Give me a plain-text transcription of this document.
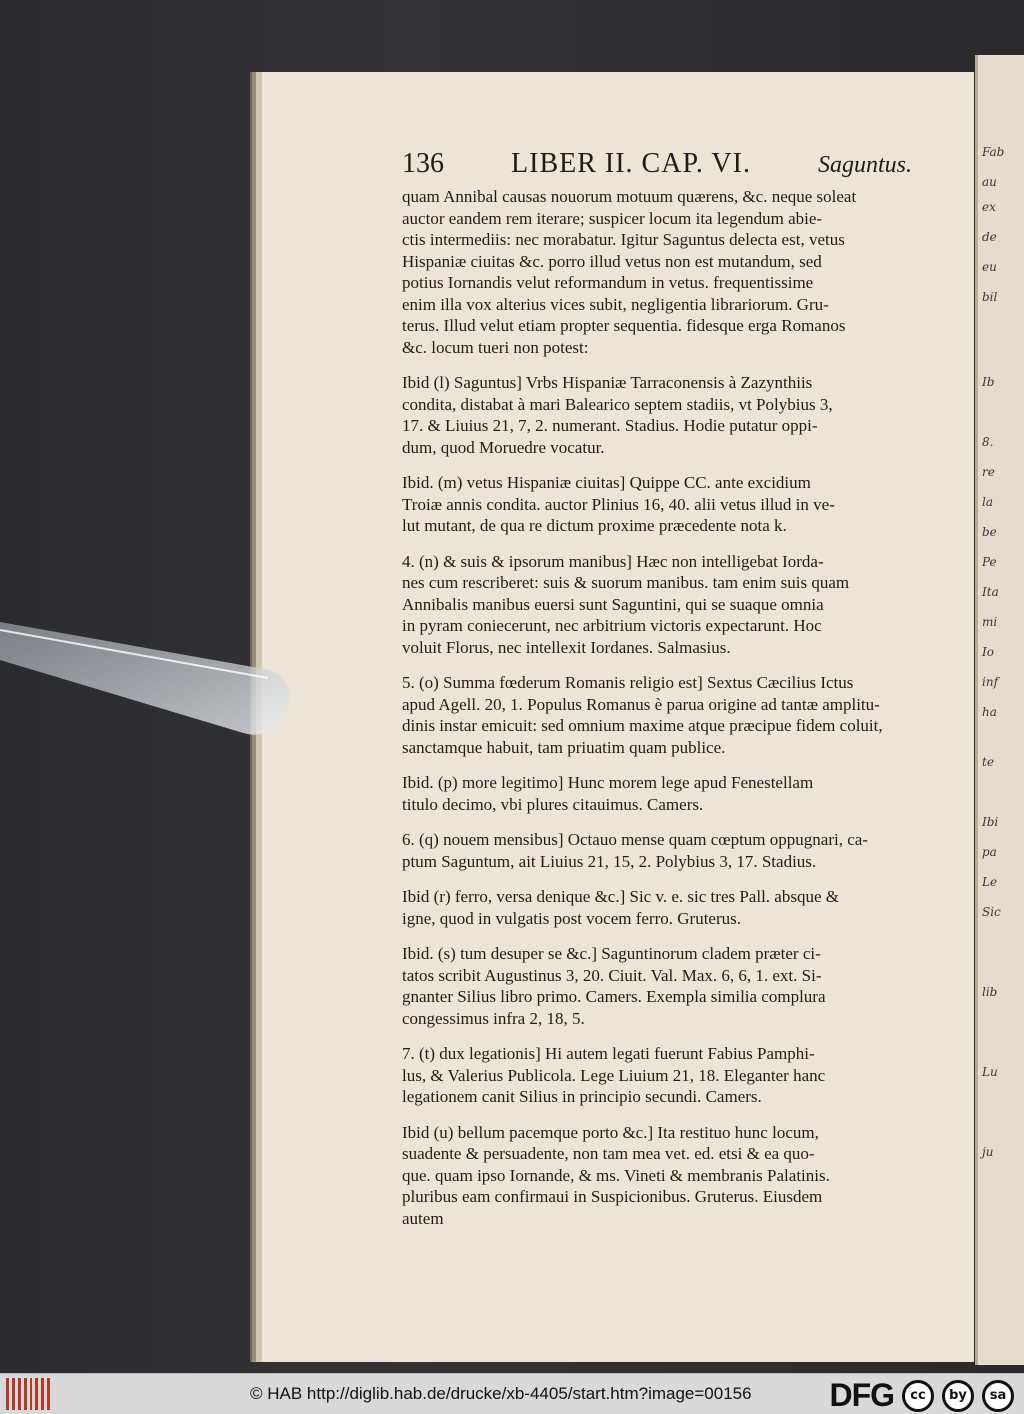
Fab
au
ex
de
eu
bil
Ib
8.
re
la
be
Pe
Ita
mi
Io
inf
ha
te
Ibi
pa
Le
Sic
lib
Lu
ju
136 LIBER II. CAP. VI.	Saguntus.

quam Annibal causas nouorum motuum quærens, &c. neque soleat
auctor eandem rem iterare; suspicer locum ita legendum abie-
ctis intermediis: nec morabatur. Igitur Saguntus delecta est, vetus
Hispaniæ ciuitas &c. porro illud vetus non est mutandum, sed
potius Iornandis velut reformandum in vetus. frequentissime
enim illa vox alterius vices subit, negligentia librariorum. Gru-
terus. Illud velut etiam propter sequentia. fidesque erga Romanos
&c. locum tueri non potest:

Ibid (l) Saguntus] Vrbs Hispaniæ Tarraconensis à Zazynthiis
condita, distabat à mari Balearico septem stadiis, vt Polybius 3,
17. & Liuius 21, 7, 2. numerant. Stadius. Hodie putatur oppi-
dum, quod Moruedre vocatur.

Ibid. (m) vetus Hispaniæ ciuitas] Quippe CC. ante excidium
Troiæ annis condita. auctor Plinius 16, 40. alii vetus illud in ve-
lut mutant, de qua re dictum proxime præcedente nota k.

4. (n) & suis & ipsorum manibus] Hæc non intelligebat Iorda-
nes cum rescriberet: suis & suorum manibus. tam enim suis quam
Annibalis manibus euersi sunt Saguntini, qui se suaque omnia
in pyram coniecerunt, nec arbitrium victoris expectarunt. Hoc
voluit Florus, nec intellexit Iordanes. Salmasius.

5. (o) Summa fœderum Romanis religio est] Sextus Cæcilius Ictus
apud Agell. 20, 1. Populus Romanus è parua origine ad tantæ amplitu-
dinis instar emicuit: sed omnium maxime atque præcipue fidem coluit,
sanctamque habuit, tam priuatim quam publice.

Ibid. (p) more legitimo] Hunc morem lege apud Fenestellam
titulo decimo, vbi plures citauimus. Camers.

6. (q) nouem mensibus] Octauo mense quam cœptum oppugnari, ca-
ptum Saguntum, ait Liuius 21, 15, 2. Polybius 3, 17. Stadius.

Ibid (r) ferro, versa denique &c.] Sic v. e. sic tres Pall. absque &
igne, quod in vulgatis post vocem ferro. Gruterus.

Ibid. (s) tum desuper se &c.] Saguntinorum cladem præter ci-
tatos scribit Augustinus 3, 20. Ciuit. Val. Max. 6, 6, 1. ext. Si-
gnanter Silius libro primo. Camers. Exempla similia complura
congessimus infra 2, 18, 5.

7. (t) dux legationis] Hi autem legati fuerunt Fabius Pamphi-
lus, & Valerius Publicola. Lege Liuium 21, 18. Eleganter hanc
legationem canit Silius in principio secundi. Camers.

Ibid (u) bellum pacemque porto &c.] Ita restituo hunc locum,
suadente & persuadente, non tam mea vet. ed. etsi & ea quo-
que. quam ipso Iornande, & ms. Vineti & membranis Palatinis.
pluribus eam confirmaui in Suspicionibus. Gruterus. Eiusdem
autem

© HAB http://diglib.hab.de/drucke/xb-4405/start.htm?image=00156 DFG	cc	by	sa
